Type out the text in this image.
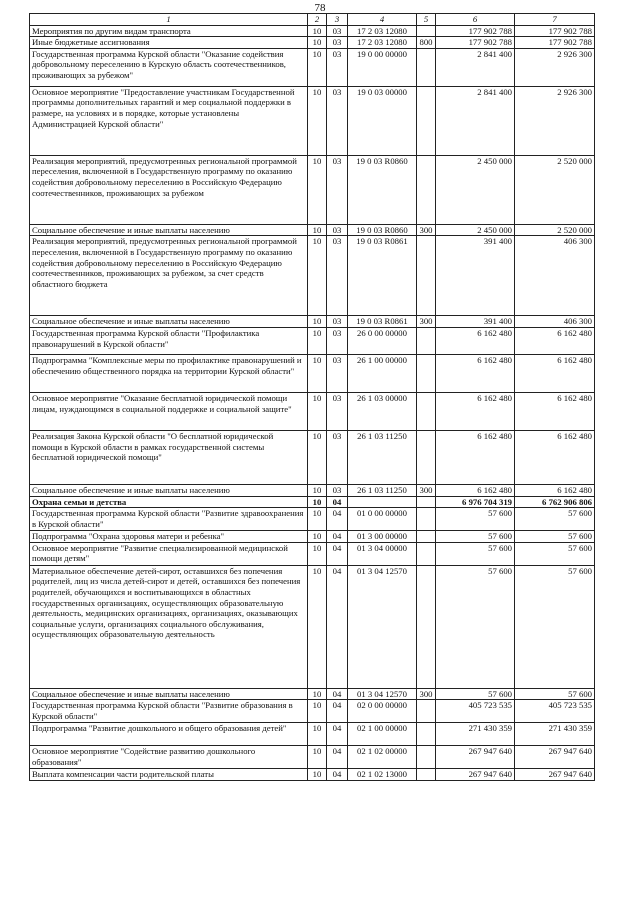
78
1	2	3	4	5	6	7
Мероприятия по другим видам транспорта	10	03	17 2 03 12080		177 902 788	177 902 788
Иные бюджетные ассигнования	10	03	17 2 03 12080	800	177 902 788	177 902 788
Государственная программа Курской области "Оказание содействия добровольному переселению в Курскую область соотечественников, проживающих за рубежом"	10	03	19 0 00 00000		2 841 400	2 926 300
Основное мероприятие "Предоставление участникам Государственной программы дополнительных гарантий и мер социальной поддержки в размере, на условиях и в порядке, которые установлены Администрацией Курской области"	10	03	19 0 03 00000		2 841 400	2 926 300
Реализация мероприятий, предусмотренных региональной программой переселения, включенной в Государственную программу по оказанию содействия добровольному переселению в Российскую Федерацию соотечественников, проживающих за рубежом	10	03	19 0 03 R0860		2 450 000	2 520 000
Социальное обеспечение и иные выплаты населению	10	03	19 0 03 R0860	300	2 450 000	2 520 000
Реализация мероприятий, предусмотренных региональной программой переселения, включенной в Государственную программу по оказанию содействия добровольному переселению в Российскую Федерацию соотечественников, проживающих за рубежом, за счет средств областного бюджета	10	03	19 0 03 R0861		391 400	406 300
Социальное обеспечение и иные выплаты населению	10	03	19 0 03 R0861	300	391 400	406 300
Государственная программа Курской области "Профилактика правонарушений в Курской области"	10	03	26 0 00 00000		6 162 480	6 162 480
Подпрограмма "Комплексные меры по профилактике правонарушений и обеспечению общественного порядка на территории Курской области"	10	03	26 1 00 00000		6 162 480	6 162 480
Основное мероприятие "Оказание бесплатной юридической помощи лицам, нуждающимся в социальной поддержке и социальной защите"	10	03	26 1 03 00000		6 162 480	6 162 480
Реализация Закона Курской области "О бесплатной юридической помощи в Курской области в рамках государственной системы бесплатной юридической помощи"	10	03	26 1 03 11250		6 162 480	6 162 480
Социальное обеспечение и иные выплаты населению	10	03	26 1 03 11250	300	6 162 480	6 162 480
Охрана семьи и детства	10	04			6 976 704 319	6 762 906 806
Государственная программа Курской области "Развитие здравоохранения в Курской области"	10	04	01 0 00 00000		57 600	57 600
Подпрограмма "Охрана здоровья матери и ребенка"	10	04	01 3 00 00000		57 600	57 600
Основное мероприятие "Развитие специализированной медицинской помощи детям"	10	04	01 3 04 00000		57 600	57 600
Материальное обеспечение детей-сирот, оставшихся без попечения родителей, лиц из числа детей-сирот и детей, оставшихся без попечения родителей, обучающихся и воспитывающихся в областных государственных организациях, осуществляющих образовательную деятельность, медицинских организациях, организациях, оказывающих социальные услуги, организациях социального обслуживания, осуществляющих образовательную деятельность	10	04	01 3 04 12570		57 600	57 600
Социальное обеспечение и иные выплаты населению	10	04	01 3 04 12570	300	57 600	57 600
Государственная программа Курской области "Развитие образования в Курской области"	10	04	02 0 00 00000		405 723 535	405 723 535
Подпрограмма "Развитие дошкольного и общего образования детей"	10	04	02 1 00 00000		271 430 359	271 430 359
Основное мероприятие "Содействие развитию дошкольного образования"	10	04	02 1 02 00000		267 947 640	267 947 640
Выплата компенсации части родительской платы	10	04	02 1 02 13000		267 947 640	267 947 640
